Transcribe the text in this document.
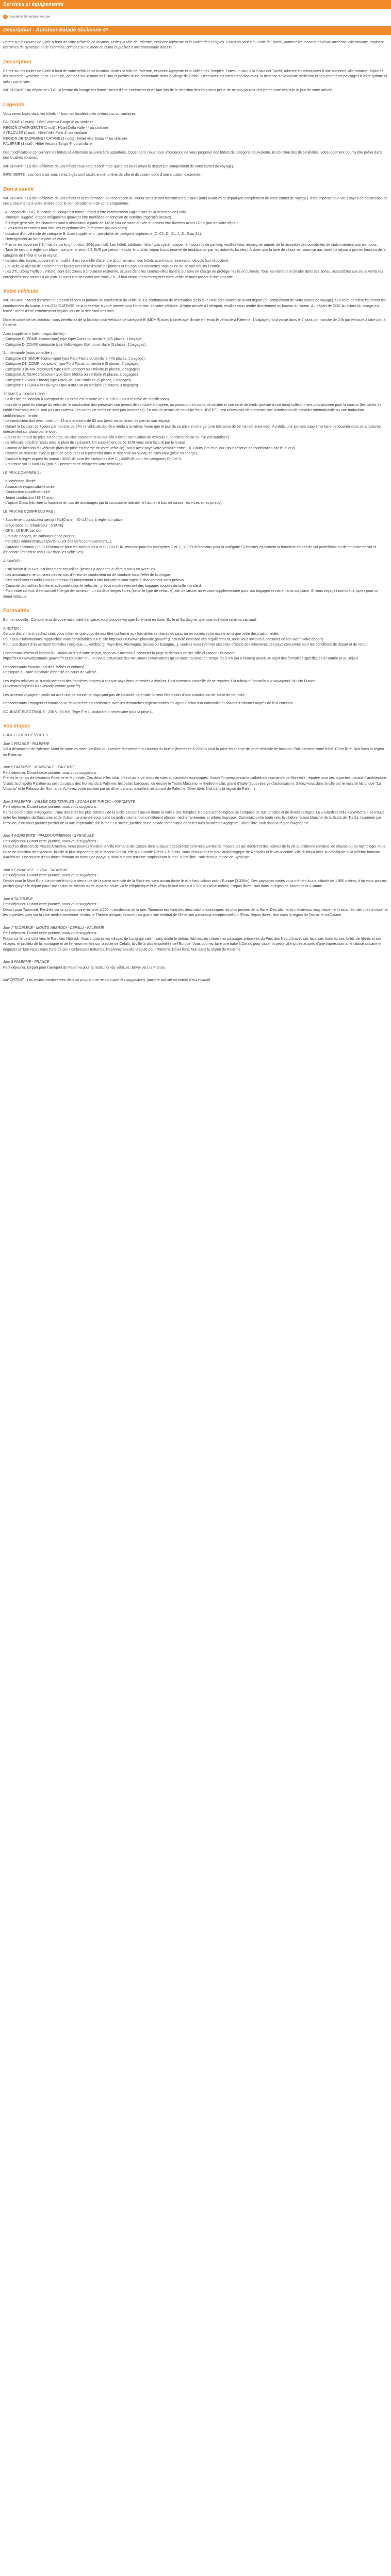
Services et équipements
✓	Location de voiture incluse
Description - Autotour Balade Sicilienne 4*

Partez sur les routes de Sicile à bord de votre véhicule de location. Visitez la ville de Palerme, explorez Agrigente et la Vallée des Temples. Faites un saut à la Scala dei Turchi, admirez les mosaïques d'une ancienne villa romaine, explorez les ruines de Syracuse et de Taormine, grimpez sur le mont de l'Etna et profitez d'une promenade dans le...

Description

Partez sur les routes de Sicile à bord de votre véhicule de location. Visitez la ville de Palerme, explorez Agrigente et la Vallée des Temples. Faites un saut à la Scala dei Turchi, admirez les mosaïques d'une ancienne villa romaine, explorez les ruines de Syracuse et de Taormine, grimpez sur le mont de l'Etna et profitez d'une promenade dans le village de Cefalù. Découvrez les sites archéologiques, la richesse de la culture sicilienne et ses charmants paysages à votre rythme et selon vos envies.

IMPORTANT : Au départ de CDG, la lecture du lounge est fermé : merci d'être extrêmement vigilant lors de la sélection des vols sous peine de ne pas pouvoir récupérer votre véhicule le jour de votre arrivée.

Légende

Vous serez logés dans les hôtels 4* (normes locales) cités ci-dessous ou similaires :

PALERME (2 nuits) : Hôtel Vecchia Borgo 4* ou similaire
REGION D'AGRIGENTE (1 nuit) : Hôtel Della Valle 4* ou similaire
SYRACUSE (1 nuit) : Hôtel Villa Politi 4* ou similaire
REGION DE TAORMINE / CATANE (2 nuits) : Hôtel Villa Sonia 4* ou similaire
PALERME (1 nuit) : Hôtel Vecchia Borgo 4* ou similaire

Des modifications concernant les hôtels sélectionnés peuvent être apportées. Cependant, nous nous efforcerons de vous proposer des hôtels de catégorie équivalente. En fonction des disponibilités, votre logement pourra être prévu dans des localités voisines.

IMPORTANT : La liste définitive de vos hôtels vous sera reconfirmée quelques jours avant le départ (en complément de votre carnet de voyage).

INFO VERTE : Les hôtels où vous serez logés sont situés en périphérie de ville et disposent donc d'une situation excentrée.

Bon à savoir

IMPORTANT : La liste définitive de vos hôtels et la confirmation de réservation du loueur vous seront transmises quelques jours avant votre départ (en complément de votre carnet de voyage). Il est impératif que vous soyez en possession de ces 2 documents à votre arrivée pour le bon déroulement de votre programme.

- Au départ de CDG, la lecture du lounge est fermé : merci d'être extrêmement vigilant lors de la sélection des vols.
- Itinéraire suggéré, étapes obligatoires (pouvant être modifiées en fonction de certains impératifs locaux).
- En règle générale, les chambres sont à disposition à partir de 14h le jour de votre arrivée et doivent être libérées avant 11h le jour de votre départ.
- Excursions et entrées non incluses et optionnelles (à réserver par vos soins).
- Location d'un véhicule de catégorie B, Avec supplément : possibilité de catégorie supérieure (C, C1, D, D1, J, J1, S ou S1).
- Hébergement au format petit-déjeuner.
- Prévoir en moyenne 8 € / nuit de parking (fonction 20€/j par nuit). Les hôtels attribués n'étant pas systématiquement pourvus de parking, veuillez vous renseigner auprès de la réception des possibilités de stationnement aux alentours.
- Taxe de séjour à régler sur place : compter environ 2/3 EUR par personne pour le total du séjour (sous réserve de modification par les autorités locales). À noter que la taxe de séjour est soumise aux taxes de séjour à prix en fonction de la catégorie de l'hôtel et de la région.
- Le sens des étapes pouvant être modifié, il est conseillé d'attendre la confirmation des hôtels avant toute réservation de vols (sur réduction).
- En Sicile, le niveau de croisement religieux nécessite d'avoir les jambes et les épaules couvertes sous peine de se voir refuser l'entrée.
- Les ZTL (Zona Traffico Limitato) sont des zones à circulation restreinte, situées dans les centres-villes italiens qui sont en charge de protéger les lieux culturels. Tous les visiteurs à circuler dans ces zones, accessibles aux seuls véhicules enregistrés sont soumis à un plan. Si vous circulez dans une zone ZTL, il faut absolument enregistrer votre véhicule mais passer à une amende.

Votre véhicule

IMPORTANT : Merci d'insérer un prénom et nom et prénom du conducteur du véhicule. La confirmation de réservation du loueur vous sera transmise avant départ (en complément de votre carnet de voyage). Sur cette dernière figureront les coordonnées du loueur. Il est OBLIGATOIRE de la présenter à votre arrivée pour l'obtention de votre véhicule. À votre arrivée à l'aéroport, veuillez vous rendre directement au bureau du loueur. Au départ de CDG la lecture du lounge est fermé : merci d'être extrêmement vigilant lors de la sélection des vols.

Dans le cadre de cet autotour, vous bénéficiez de la location d'un véhicule de catégorie B (MDMR) avec kilométrage illimité en rendu le véhicule à Palerme, 1 bagage/grand valise dans le 7 jours par tranche de 24h par véhicule à faire part à Palerme.

Avec supplément (selon disponibilités) :
- Catégorie C (EDMR économique) type Opel Corsa ou similaire (4/5 places, 1 bagage).
- Catégorie D (CDAR) compacte type Volkswagen Golf ou similaire (5 places, 2 bagages).

Sur demande (nous consulter) :
- Catégorie C1 (EMDR économique) type Ford Fiesta ou similaire (4/5 places, 1 bagage).
- Catégorie D1 (CDMR compacte) type Ford Focus ou similaire (5 places, 2 bagages).
- Catégorie J (IGMR crossover) type Ford Ecosport ou similaire (5 places, 2 bagages).
- Catégorie J1 (IGAR crossover) type Opel Mokka ou similaire (5 places, 2 bagages).
- Catégorie S (SWMR break) type Ford Focus ou similaire (5 places, 3 bagages).
- Catégorie S1 (SWAR break) type Opel Astra SW ou similaire (5 places, 3 bagages).

TERMES & CONDITIONS :
- La licence de location à l'aéroport de Palerme est ouverte de 8 à 22h30 (sous réserve de modification).
- Lors de la prise en charge du véhicule, le conducteur doit présenter son permis de conduire européen, un passeport en cours de validité et une carte de crédit (prévue à son nom) suffisamment provisionnée pour la caution (les cartes de crédit électroniques ne sont pas acceptées). Les cartes de crédit ne sont pas acceptées). En cas de permis de conduire hors UE/EEE, il est nécessaire de présenter une autorisation de conduite internationale ou une traduction certifiée/assermentée.
- Le conducteur doit avoir minimum 19 ans et moins de 80 ans (avec un minimum de permis soit requis).
- Durant la location de 7 jours par tranche de 24h, le véhicule doit être rendu à la même heure que le jour de sa prise en charge (une tolérance de 59 min est autorisée). Au-delà, une journée supplémentaire de location vous sera facturée directement sur place par le loueur.
- En cas de retard de prise en charge, veuillez contacter le loueur afin d'éviter l'annulation du véhicule (une tolérance de 59 min est autorisée).
- Le véhicule doit être rendu avec le plein de carburant. Un supplément de 50 EUR vous sera facturé par le loueur.
- Contrat de location du véhicule (frais de prise en charge de votre véhicule) : vous avez payé votre véhicule entre 1 à 3 jours lors et le jour (sous réserve de modification par le loueur).
- Rentrée du véhicule avec le plein de carburant et à présenter dans le réservoir au niveau de carburant (prise en charge).
- Caution à régler auprès du loueur : 300EUR pour les catégories A et C ; 400EUR pour les catégories D, J et S.
- Franchise vol : 1600EUR (prix qui permettra de récupérer votre véhicule).

LE PRIX COMPREND :

- Kilométrage illimité.
- Assurance responsabilité civile.
- Conducteur supplémentaire.
- Jeune conducteur (19-24 ans).
- L'option Glass (réinitiée la franchise en cas de dommages par la carrosserie latérale, le haut et le bas de caisse, les vitres et les pneus).

LE PRIX NE COMPREND PAS :

- Supplément conducteur senior (76/80 ans) : 60 US/jour à régler sur place.
- Siège bébé ou réhausseur : 5 EUR/j.
- GPS : 10 EUR par jour.
- Frais de péages, de carburant et de parking.
- Pénalités administratives (perte ou vol des clefs, contraventions...).
- Garantie Platinum (99 EUR/semaine pour les catégories A et C ; 108 EUR/semaine pour les catégories D et J ; 117 EUR/semaine pour la catégorie S) éliminer également la franchise en cas de vol partiel/total ou de tentative de vol et d'incendie (franchise 895 EUR dans les véhicules).

A SAVOIR :

- L'utilisation d'un GPS est fortement conseillée (pensez à apporter le vôtre si vous en avez un).
- Les assurances ne couvrent pas en cas d'erreur de conducteur ou de conduite sous l'effet de la drogue.
- Ces conditions et tarifs sont communiqués uniquement à titre indicatif et sont sujets à changement sans préavis.
- Capacité des coffres limitée et adéquate selon le véhicule ; prévoir impérativement des bagages souples de taille standard.
- Pour votre confort, il est conseillé de garder minimum un ou deux sièges libres (selon le type de véhicule) afin de laisser un espace supplémentaire pour vos bagages et vos enfants sur place. Si vous voyagez nombreux, optez pour un 2ème véhicule.

Formalités

Bonne nouvelle ; Compte tenu de votre nationalité française, vous pouvez voyager librement en Italie, Sicile et Sardaigne, quel que soit votre schéma vaccinal.

A NOTER :
Ce que doit en tant, sachez sous vous informer que vous devrez être conforme aux formalités sanitaires du pays ou en travers votre escale ainsi que votre destination finale.
Pour plus d'informations, rapprochez-vous consultables sur le site https://XXXXwwwdiplomatie.gouv.fr/ (L'actualité évoluant très régulièrement, nous vous invitons à consulter ce lien avant votre départ).
Pour tout départ d'un aéroport frontalier (Belgique, Luxembourg, Pays-Bas, Allemagne, Suisse ou Espagne...), veuillez vous informer aux sites officiels des ministères des pays concernés pour les conditions de départ et de retour.

Concernant l'éventuel impact du Coronavirus sur votre séjour, nous vous invitons à consulter la page ci-dessous du site officiel France Diplomatie
https://XXXXwwwdiplomatie.gouv.fr/fr/ et consulter en une revue actualisée des ministères (informations qu'on nous transmet en temps réel) 3 h (ou 6 heures) avant) au sujet des formalités spécifiques à l'entrée et au séjour.

Ressortissants français (adultes, bébés et enfants) :
Passeport ou carte nationale d'identité en cours de validité.

Les règles relatives au franchissement des frontières propres à chaque pays étant amenées à évoluer, il est vivement conseillé de se reporter à la rubrique "conseils aux voyageurs" du site France Diplomatie(https://XXXXwwwdiplomatie.gouv.fr/).

Les mineurs voyageant seuls ou avec une personne ne disposant pas de l'autorité parentale doivent être munis d'une autorisation de sortie de territoire.

Ressortissants étrangers et binationaux: devront être en conformité avec les démarches réglementaires en vigueur selon leur nationalité et doivent s'informer auprès de leur consulat.

COURANT ELECTRIQUE : 230 V (50 Hz). Type F et L. Adaptateur nécessaire pour la prise L.

Vos étapes

SUGGESTION DE VISITES

Jour 1 FRANCE - PALERME

Vol à destination de Palerme. Mani de votre voucher, veuillez vous rendre directement au bureau du loueur (fermeture à 22h30) pour la prise en charge de votre véhicule de location. Puis direction votre hôtel. Dîner libre. Nuit dans la région de Palerme.

Jour 2 PALERME - MONREALE - PALERME

Petit déjeuner. Durant cette journée, nous vous suggérons :
Prenez le temps de découvrir Palerme et Monreale. Ces deux villes vous offrent un large choix de sites et d'activités touristiques. Visitez l'impressionnante cathédrale normande de Monreale, réputée pour ses superbes travaux d'architecture. Visitez la chapelle Palatine au sein du palais des Normands à Palerme, les palais baroques, ou encore le Teatro Massimo, le théâtre le plus grand d'Italie (sous réserve d'autorisation). Situez-vous dans la ville par le marché historique "La Vucciria" et le Palazzo dei Normanni. Achevez votre journée par un dîner dans un excellent restaurant de Palerme. Dîner libre. Nuit dans la région de Palerme.

Jour 3 PALERME - VALLÉE DES TEMPLES - SCALA DEI TURCHI - AGRIGENTE

Petit déjeuner. Durant cette journée, nous vous suggérons :
Partez en direction d'Agrigente. L'une des cités les plus célèbres de la Sicile est sans aucun doute la Vallée des Temples. Ce parc archéologique se compose de huit temples et de divers vestiges. Le « Giardino della Kolymbetra » se trouve entre les temples de Dioscures et de Vulcain, promenez-vous dans ce jardin luxuriant où se côtoient plantes méditerranéennes et arbres tropicaux. Continuez votre route vers la célèbre falaise blanche de la Scala dei Turchi, façonnée par l'érosion, d'où vous pourrez profiter de la vue imprenable sur la mer. En soirée, profitez d'une balade romantique dans les rues animées d'Agrigente. Dîner libre. Nuit dans la région d'Agrigente.

Jour 4 AGRIGENTE - PIAZZA ARMERINA - SYRACUSE

Petit déjeuner. Durant cette journée, nous vous suggérons :
Départ en direction de Piazza Armerina. Vous pourrez y visiter la Villa Romana del Casale dont la plupart des pièces sont recouvertes de mosaïques qui décrivent des scènes de la vie quotidienne romaine, de chasse ou de mythologie. Puis route en direction de Syracuse, la ville la plus importante de la Magna Grecia, elle a « Grande Grèce » à la fois, vous découvrirez le parc archéologique de Neapolis et le vieux centre-ville d'Ortigia avec la cathédrale et la célèbre fontaine d'Aréthuse, une source d'eau douce formant un bassin de papyrus, situé sur une terrasse surplombant la mer. Dîner libre. Nuit dans la région de Syracuse.

Jour 5 SYRACUSE - ETNA - TAORMINE

Petit déjeuner. Durant cette journée, nous vous suggérons :
Départ pour le Mont Etna. Le conseillé longue demande de la partie orientale de la Sicile est sans aucun doute le plus haut volcan actif d'Europe (3 330m). Des paysages variés vous mènent à une altitude de 1 900 mètres, d'où vous pourrez profiter (payez le départ pour l'ascension au volcan ou de la partie haute via le téléphérique et le véhicule tout terrain à 2 900 m (selon météo). Repas libres. Nuit dans la région de Taormine ou Catane.

Jour 6 TAORMINE

Petit déjeuner. Durant cette journée, nous vous suggérons :
Départ pour Taormine. Perchée sur un promontoire rocheux à 200 m au-dessus de la mer, Taormine est l'une des destinations touristiques les plus prisées de la Sicile. Des bâtiments médiévaux magnifiquement restaurés, des rues à visiter et les superbes vues sur la côte méditerranéenne. Visitez le Théâtre antique, second plus grand site théâtral de l'île et son panorama exceptionnel sur l'Etna. Repos libres. Nuit dans la région de Taormine ou Catane.

Jour 7 TAORMINE - MONTS NEBRODI - CEFALU - PALERME

Petit déjeuner. Durant cette journée, nous vous suggérons :
Route sur le petit côté vers le Parc des Nebrodi. Vous croiserez les villages de Longi qui valent sans doute le détour. Admirez en chemin les paysages préservés du Parc des Nebrodi avec ses lacs, ses torrents, ses forêts de hêtres et ses villages, et profitez de la montagne et de l'environnement sur la route de Cefalù, la ville la plus ensoleillée de l'Europe. Vous pourrez faire une halte à Cefalù pour visiter la petite ville située au pied d'une impressionnante falaise calcaire et déguster un bon repas dans l'une de ses nombreuses trattorias. Reprenez ensuite la route pour Palerme. Dîner libre. Nuit dans la région de Palerme.

Jour 8 PALERME - FRANCE

Petit déjeuner. Départ pour l'aéroport de Palerme pour la restitution du véhicule. Envol vers la France.

IMPORTANT : Les visites mentionnées dans ce programme ne sont que des suggestions (aucune activité ou entrée n'est incluse).
